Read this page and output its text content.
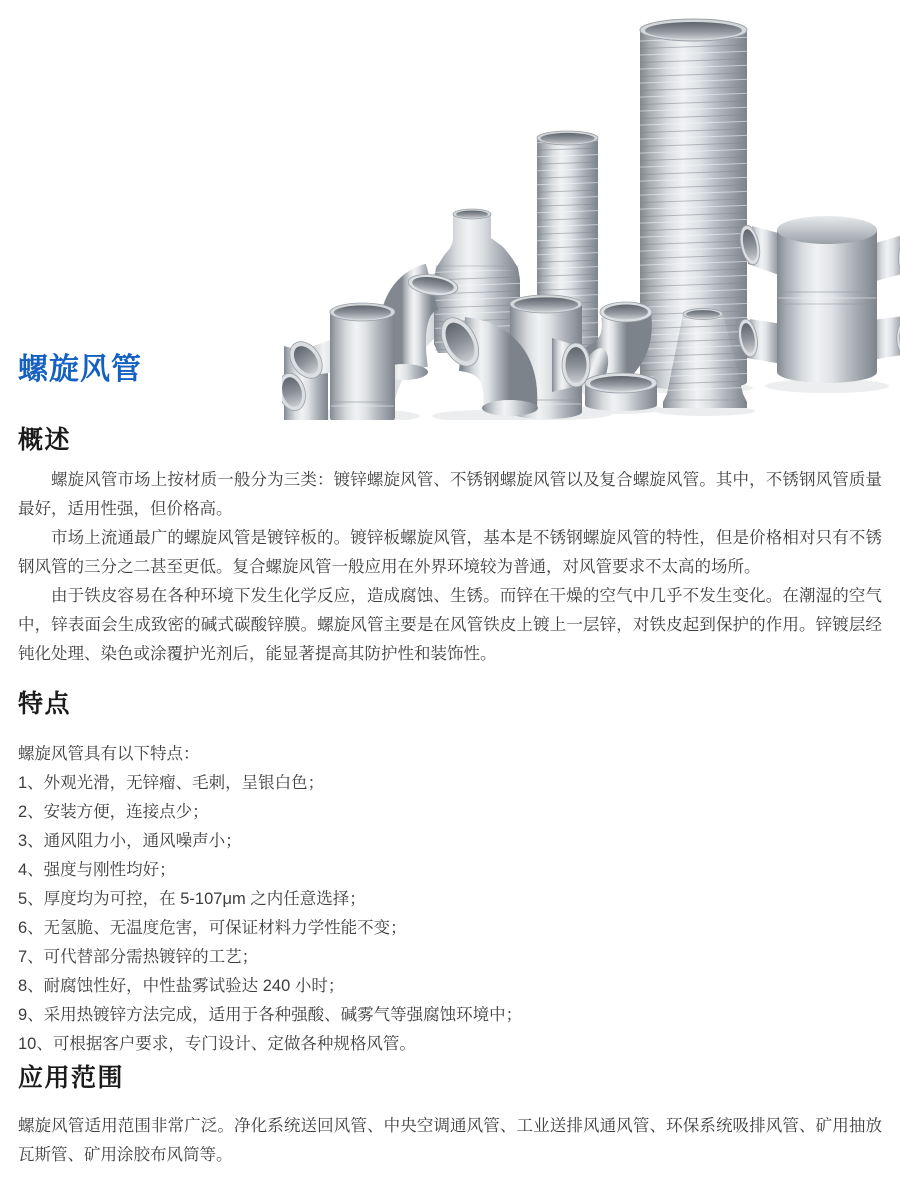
螺旋风管
概述

螺旋风管市场上按材质一般分为三类：镀锌螺旋风管、不锈钢螺旋风管以及复合螺旋风管。其中，不锈钢风管质量最好，适用性强，但价格高。

市场上流通最广的螺旋风管是镀锌板的。镀锌板螺旋风管，基本是不锈钢螺旋风管的特性，但是价格相对只有不锈钢风管的三分之二甚至更低。复合螺旋风管一般应用在外界环境较为普通，对风管要求不太高的场所。

由于铁皮容易在各种环境下发生化学反应，造成腐蚀、生锈。而锌在干燥的空气中几乎不发生变化。在潮湿的空气中，锌表面会生成致密的碱式碳酸锌膜。螺旋风管主要是在风管铁皮上镀上一层锌，对铁皮起到保护的作用。锌镀层经钝化处理、染色或涂覆护光剂后，能显著提高其防护性和装饰性。

特点
螺旋风管具有以下特点：
1、外观光滑，无锌瘤、毛刺，呈银白色；
2、安装方便，连接点少；
3、通风阻力小，通风噪声小；
4、强度与刚性均好；
5、厚度均为可控，在 5-107μm 之内任意选择；
6、无氢脆、无温度危害，可保证材料力学性能不变；
7、可代替部分需热镀锌的工艺；
8、耐腐蚀性好，中性盐雾试验达 240 小时；
9、采用热镀锌方法完成，适用于各种强酸、碱雾气等强腐蚀环境中；
10、可根据客户要求，专门设计、定做各种规格风管。
应用范围
螺旋风管适用范围非常广泛。净化系统送回风管、中央空调通风管、工业送排风通风管、环保系统吸排风管、矿用抽放瓦斯管、矿用涂胶布风筒等。
